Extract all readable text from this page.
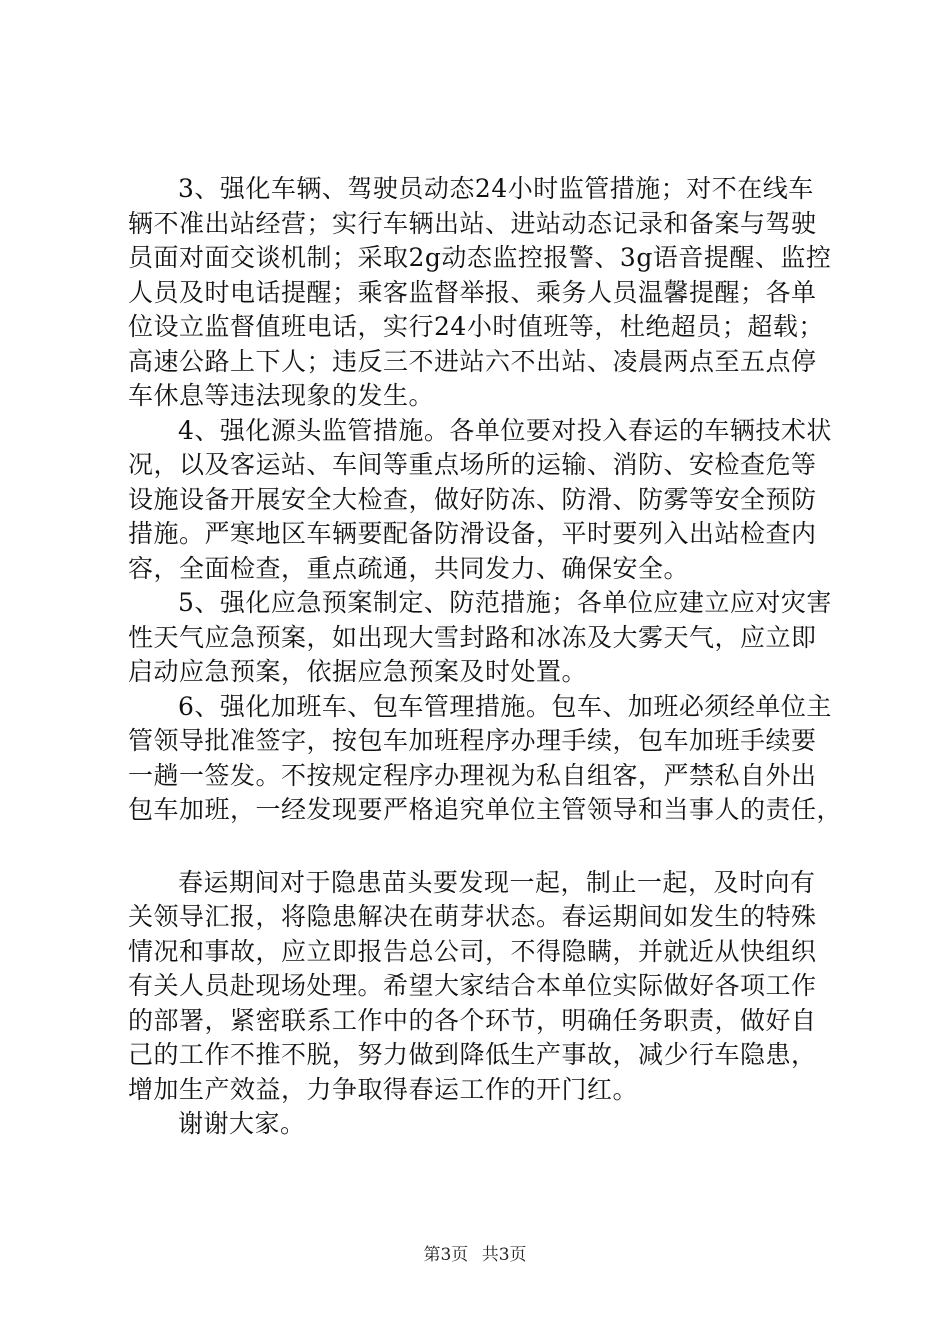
3、强化车辆、驾驶员动态24小时监管措施；对不在线车
辆不准出站经营；实行车辆出站、进站动态记录和备案与驾驶
员面对面交谈机制；采取2g动态监控报警、3g语音提醒、监控
人员及时电话提醒；乘客监督举报、乘务人员温馨提醒；各单
位设立监督值班电话，实行24小时值班等，杜绝超员；超载；
高速公路上下人；违反三不进站六不出站、凌晨两点至五点停
车休息等违法现象的发生。
4、强化源头监管措施。各单位要对投入春运的车辆技术状
况，以及客运站、车间等重点场所的运输、消防、安检查危等
设施设备开展安全大检查，做好防冻、防滑、防雾等安全预防
措施。严寒地区车辆要配备防滑设备，平时要列入出站检查内
容，全面检查，重点疏通，共同发力、确保安全。
5、强化应急预案制定、防范措施；各单位应建立应对灾害
性天气应急预案，如出现大雪封路和冰冻及大雾天气，应立即
启动应急预案，依据应急预案及时处置。
6、强化加班车、包车管理措施。包车、加班必须经单位主
管领导批准签字，按包车加班程序办理手续，包车加班手续要
一趟一签发。不按规定程序办理视为私自组客，严禁私自外出
包车加班，一经发现要严格追究单位主管领导和当事人的责任，
春运期间对于隐患苗头要发现一起，制止一起，及时向有
关领导汇报，将隐患解决在萌芽状态。春运期间如发生的特殊
情况和事故，应立即报告总公司，不得隐瞒，并就近从快组织
有关人员赴现场处理。希望大家结合本单位实际做好各项工作
的部署，紧密联系工作中的各个环节，明确任务职责，做好自
己的工作不推不脱，努力做到降低生产事故，减少行车隐患，
增加生产效益，力争取得春运工作的开门红。
谢谢大家。
第3页 共3页
